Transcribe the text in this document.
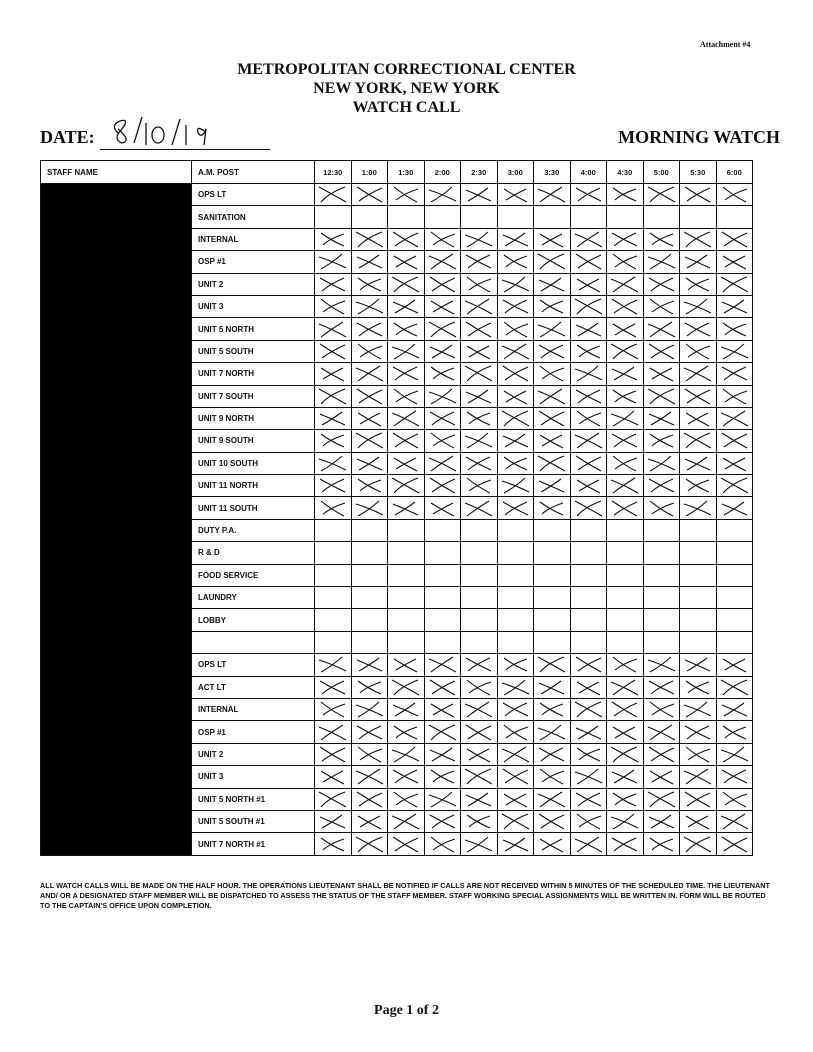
Attachment #4
METROPOLITAN CORRECTIONAL CENTER
NEW YORK, NEW YORK
WATCH CALL
DATE:	MORNING WATCH
STAFF NAME	A.M. POST	12:30	1:00	1:30	2:00	2:30	3:00	3:30	4:00	4:30	5:00	5:30	6:00
	OPS LT	

	SANITATION												
	INTERNAL	

	OSP #1	

	UNIT 2	

	UNIT 3	

	UNIT 5 NORTH	

	UNIT 5 SOUTH	

	UNIT 7 NORTH	

	UNIT 7 SOUTH	

	UNIT 9 NORTH	

	UNIT 9 SOUTH	

	UNIT 10 SOUTH	

	UNIT 11 NORTH	

	UNIT 11 SOUTH	

	DUTY P.A.												
	R & D												
	FOOD SERVICE												
	LAUNDRY												
	LOBBY												

	OPS LT	

	ACT LT	

	INTERNAL	

	OSP #1	

	UNIT 2	

	UNIT 3	

	UNIT 5 NORTH #1	

	UNIT 5 SOUTH #1	

	UNIT 7 NORTH #1	

ALL WATCH CALLS WILL BE MADE ON THE HALF HOUR. THE OPERATIONS LIEUTENANT SHALL BE NOTIFIED IF CALLS ARE NOT RECEIVED WITHIN 5 MINUTES OF THE SCHEDULED TIME. THE LIEUTENANT AND/ OR A DESIGNATED STAFF MEMBER WILL BE DISPATCHED TO ASSESS THE STATUS OF THE STAFF MEMBER. STAFF WORKING SPECIAL ASSIGNMENTS WILL BE WRITTEN IN. FORM WILL BE ROUTED TO THE CAPTAIN'S OFFICE UPON COMPLETION.
Page 1 of 2
